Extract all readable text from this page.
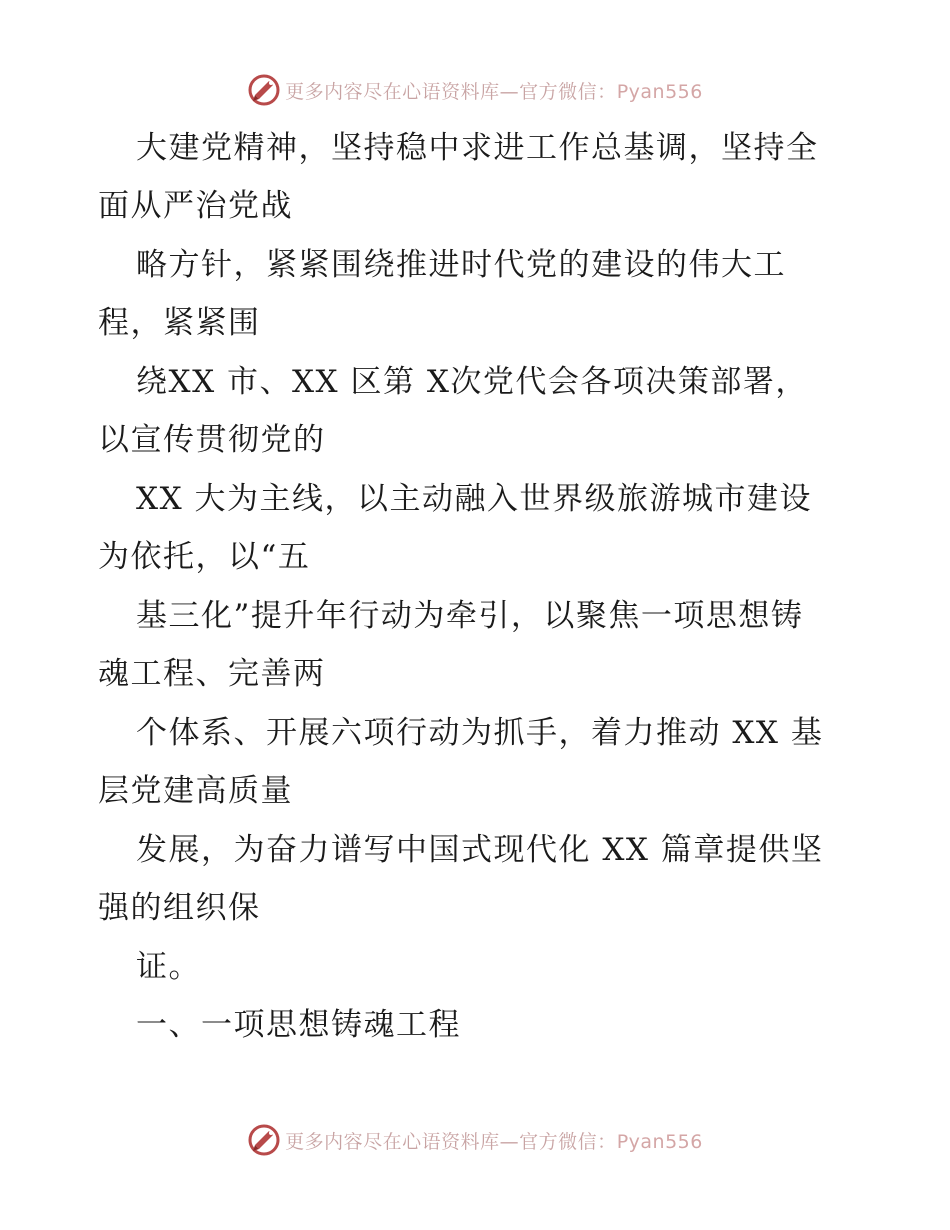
更多内容尽在心语资料库—官方微信：Pyan556
大建党精神，坚持稳中求进工作总基调，坚持全
面从严治党战
略方针，紧紧围绕推进时代党的建设的伟大工
程，紧紧围
绕XX 市、XX 区第 X次党代会各项决策部署，
以宣传贯彻党的
XX 大为主线，以主动融入世界级旅游城市建设
为依托，以“五
基三化”提升年行动为牵引，以聚焦一项思想铸
魂工程、完善两
个体系、开展六项行动为抓手，着力推动 XX 基
层党建高质量
发展，为奋力谱写中国式现代化 XX 篇章提供坚
强的组织保
证。
一、一项思想铸魂工程
更多内容尽在心语资料库—官方微信：Pyan556
